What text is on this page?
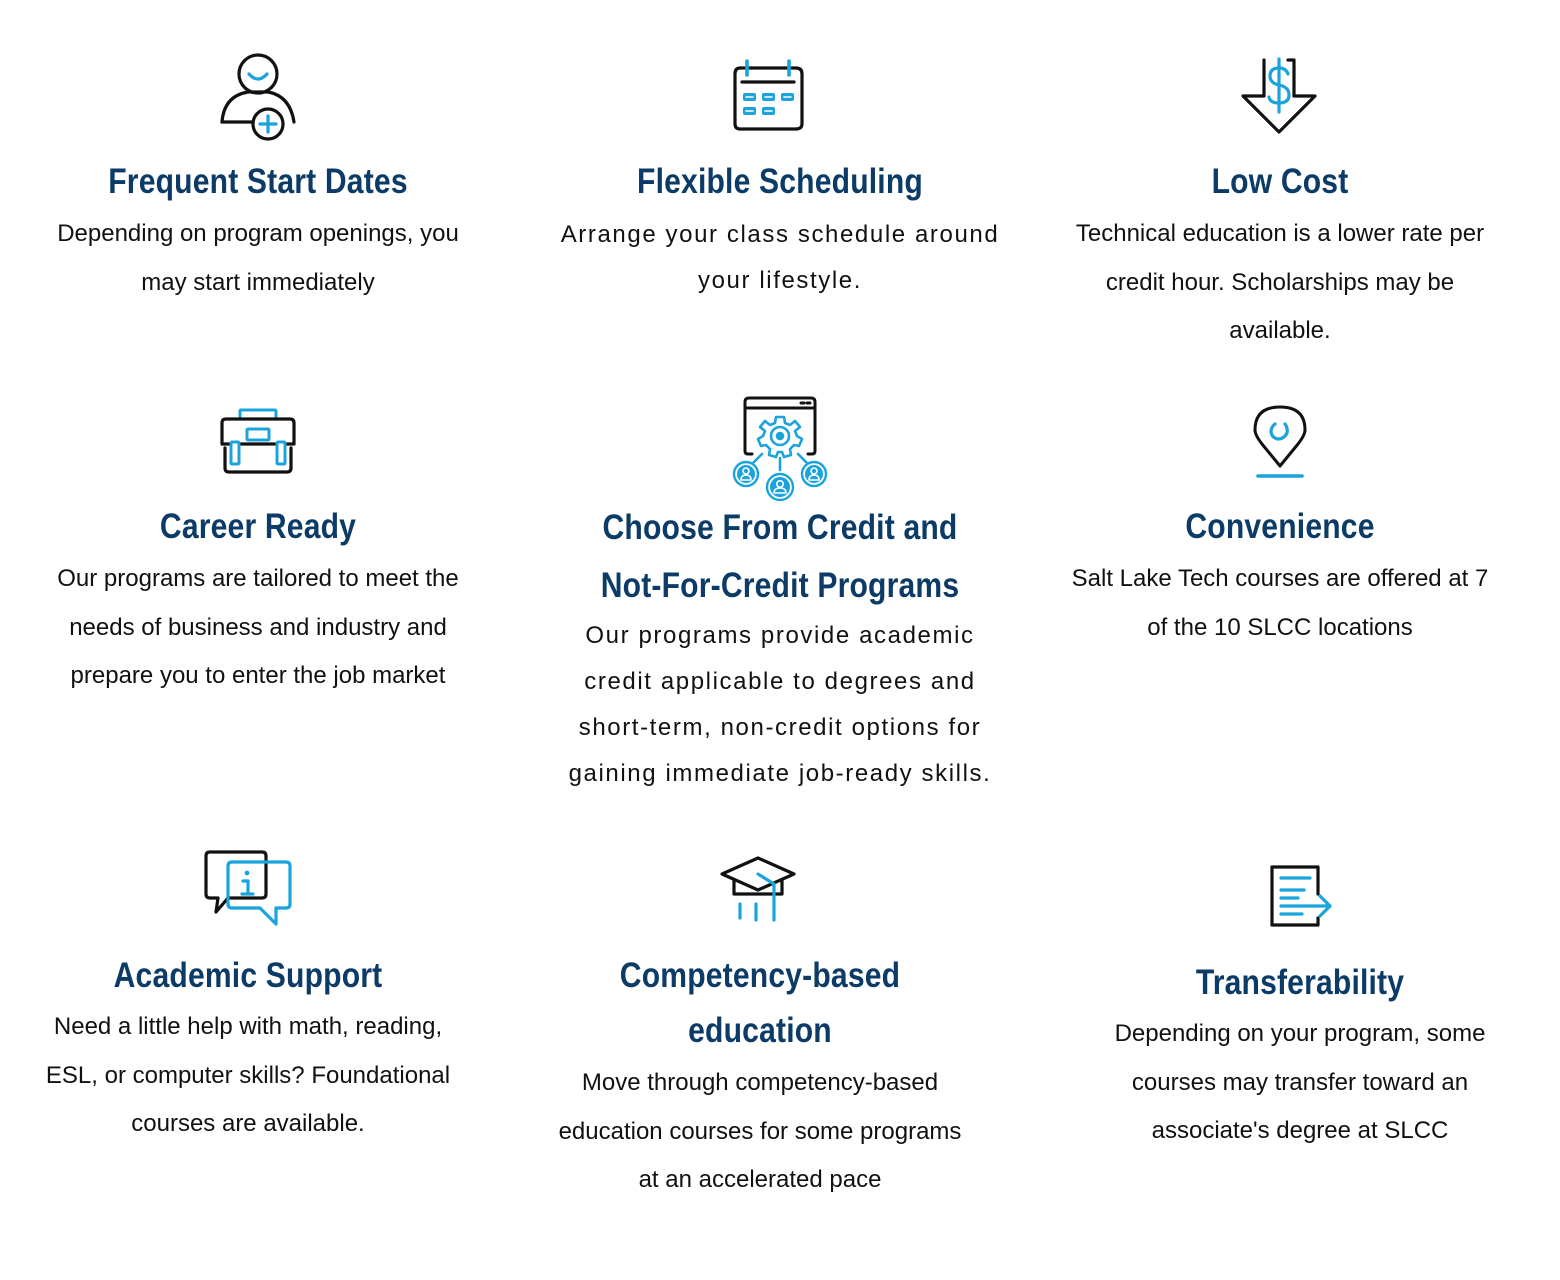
Frequent Start Dates

Depending on program openings, you
may start immediately

Flexible Scheduling

Arrange your class schedule around
your lifestyle.

Low Cost

Technical education is a lower rate per
credit hour. Scholarships may be
available.

Career Ready

Our programs are tailored to meet the
needs of business and industry and
prepare you to enter the job market

Choose From Credit and
Not-For-Credit Programs

Our programs provide academic
credit applicable to degrees and
short-term, non-credit options for
gaining immediate job-ready skills.

Convenience

Salt Lake Tech courses are offered at 7
of the 10 SLCC locations

Academic Support

Need a little help with math, reading,
ESL, or computer skills? Foundational
courses are available.

Competency-based
education

Move through competency-based
education courses for some programs
at an accelerated pace

Transferability

Depending on your program, some
courses may transfer toward an
associate's degree at SLCC
